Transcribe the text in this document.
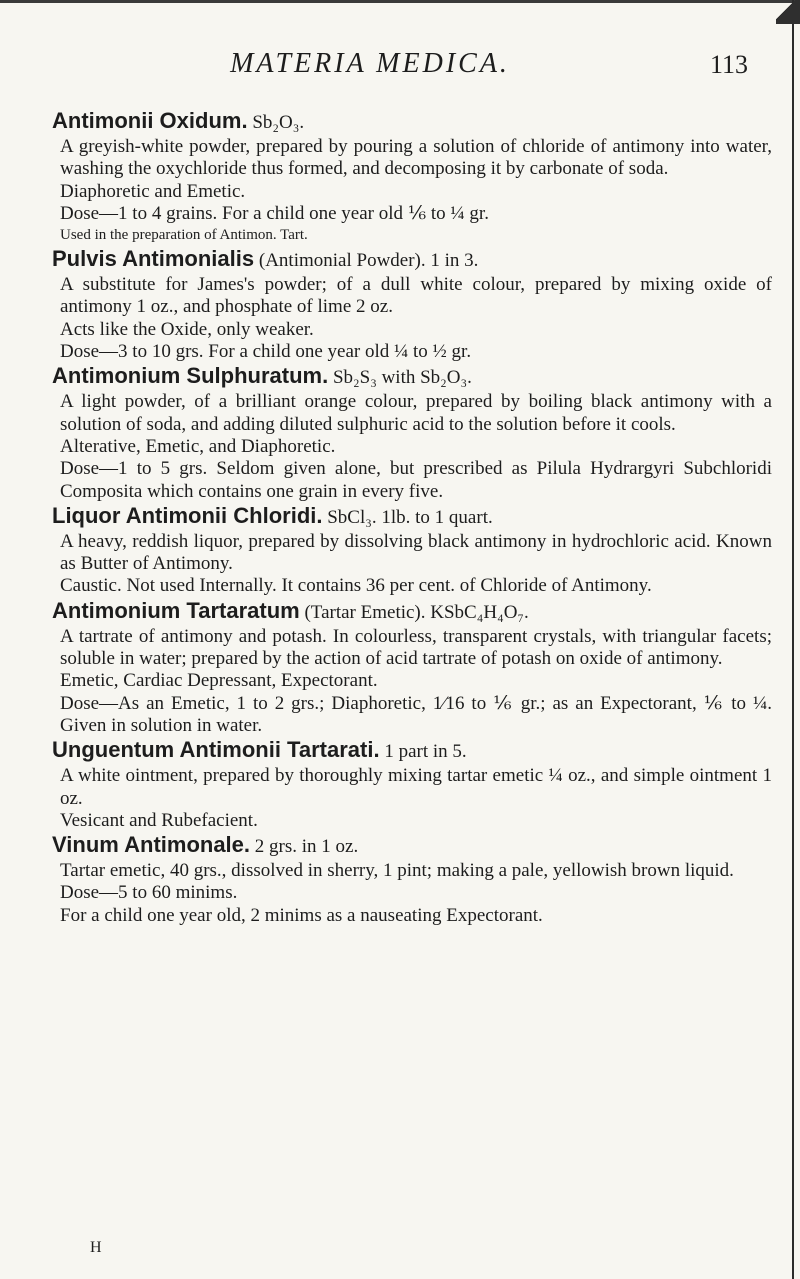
MATERIA MEDICA.	113

Antimonii Oxidum. Sb₂O₃.

A greyish-white powder, prepared by pouring a solution of chloride of antimony into water, washing the oxychloride thus formed, and decomposing it by carbonate of soda.

Diaphoretic and Emetic.

Dose—1 to 4 grains. For a child one year old ⅙ to ¼ gr.

Used in the preparation of Antimon. Tart.

Pulvis Antimonialis (Antimonial Powder). 1 in 3.

A substitute for James's powder; of a dull white colour, prepared by mixing oxide of antimony 1 oz., and phosphate of lime 2 oz.

Acts like the Oxide, only weaker.

Dose—3 to 10 grs. For a child one year old ¼ to ½ gr.

Antimonium Sulphuratum. Sb₂S₃ with Sb₂O₃.

A light powder, of a brilliant orange colour, prepared by boiling black antimony with a solution of soda, and adding diluted sulphuric acid to the solution before it cools.

Alterative, Emetic, and Diaphoretic.

Dose—1 to 5 grs. Seldom given alone, but prescribed as Pilula Hydrargyri Subchloridi Composita which contains one grain in every five.

Liquor Antimonii Chloridi. SbCl₃. 1lb. to 1 quart.

A heavy, reddish liquor, prepared by dissolving black antimony in hydrochloric acid. Known as Butter of Antimony.

Caustic. Not used Internally. It contains 36 per cent. of Chloride of Antimony.

Antimonium Tartaratum (Tartar Emetic). KSbC₄H₄O₇.

A tartrate of antimony and potash. In colourless, transparent crystals, with triangular facets; soluble in water; prepared by the action of acid tartrate of potash on oxide of antimony.

Emetic, Cardiac Depressant, Expectorant.

Dose—As an Emetic, 1 to 2 grs.; Diaphoretic, 1⁄16 to ⅙ gr.; as an Expectorant, ⅙ to ¼. Given in solution in water.

Unguentum Antimonii Tartarati. 1 part in 5.

A white ointment, prepared by thoroughly mixing tartar emetic ¼ oz., and simple ointment 1 oz.

Vesicant and Rubefacient.

Vinum Antimonale. 2 grs. in 1 oz.

Tartar emetic, 40 grs., dissolved in sherry, 1 pint; making a pale, yellowish brown liquid.

Dose—5 to 60 minims.

For a child one year old, 2 minims as a nauseating Expectorant.

H
